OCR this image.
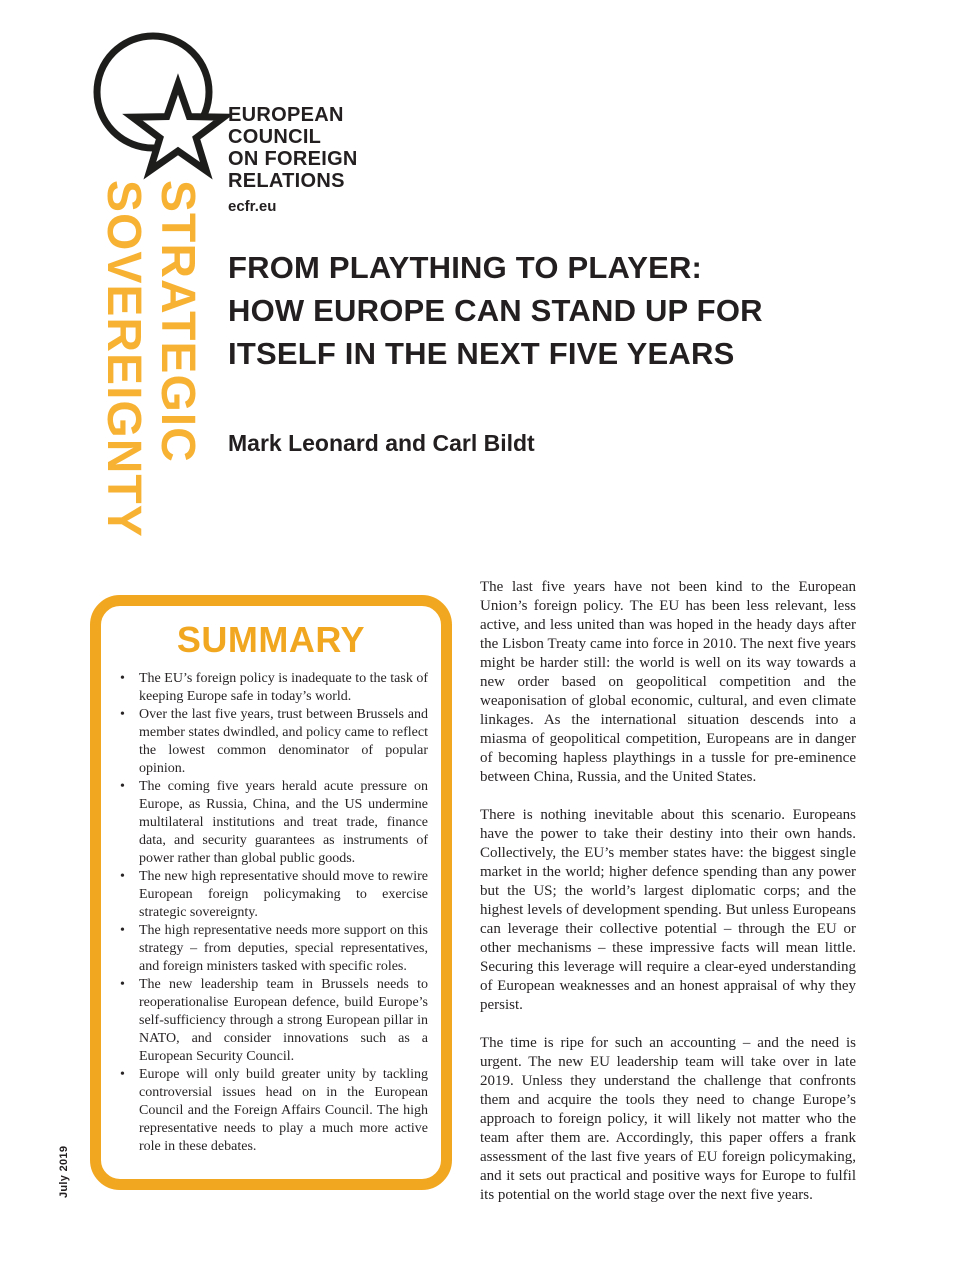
EUROPEAN
COUNCIL
ON FOREIGN
RELATIONS
ecfr.eu
STRATEGIC
SOVEREIGNTY	FROM PLAYTHING TO PLAYER:
HOW EUROPE CAN STAND UP FOR
ITSELF IN THE NEXT FIVE YEARS
Mark Leonard and Carl Bildt
SUMMARY
• The EU’s foreign policy is inadequate to the task of keeping Europe safe in today’s world.
• Over the last five years, trust between Brussels and member states dwindled, and policy came to reflect the lowest common denominator of popular opinion.
• The coming five years herald acute pressure on Europe, as Russia, China, and the US undermine multilateral institutions and treat trade, finance data, and security guarantees as instruments of power rather than global public goods.
• The new high representative should move to rewire European foreign policymaking to exercise strategic sovereignty.
• The high representative needs more support on this strategy – from deputies, special representatives, and foreign ministers tasked with specific roles.
• The new leadership team in Brussels needs to reoperationalise European defence, build Europe’s self-sufficiency through a strong European pillar in NATO, and consider innovations such as a European Security Council.
• Europe will only build greater unity by tackling controversial issues head on in the European Council and the Foreign Affairs Council. The high representative needs to play a much more active role in these debates.

The last five years have not been kind to the European Union’s foreign policy. The EU has been less relevant, less active, and less united than was hoped in the heady days after the Lisbon Treaty came into force in 2010. The next five years might be harder still: the world is well on its way towards a new order based on geopolitical competition and the weaponisation of global economic, cultural, and even climate linkages. As the international situation descends into a miasma of geopolitical competition, Europeans are in danger of becoming hapless playthings in a tussle for pre-eminence between China, Russia, and the United States.

There is nothing inevitable about this scenario. Europeans have the power to take their destiny into their own hands. Collectively, the EU’s member states have: the biggest single market in the world; higher defence spending than any power but the US; the world’s largest diplomatic corps; and the highest levels of development spending. But unless Europeans can leverage their collective potential – through the EU or other mechanisms – these impressive facts will mean little. Securing this leverage will require a clear-eyed understanding of European weaknesses and an honest appraisal of why they persist.

The time is ripe for such an accounting – and the need is urgent. The new EU leadership team will take over in late 2019. Unless they understand the challenge that confronts them and acquire the tools they need to change Europe’s approach to foreign policy, it will likely not matter who the team after them are. Accordingly, this paper offers a frank assessment of the last five years of EU foreign policymaking, and it sets out practical and positive ways for Europe to fulfil its potential on the world stage over the next five years.

July 2019
